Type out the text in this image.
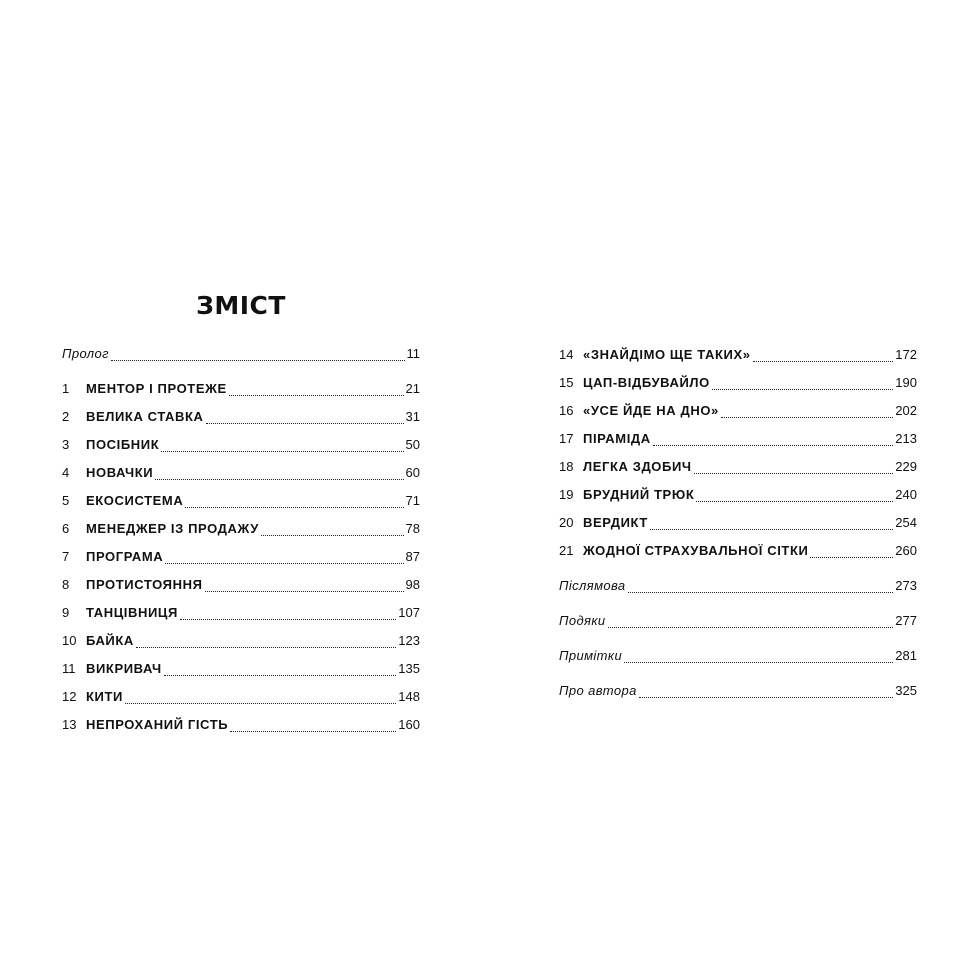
ЗМІСТ
Пролог	11
1	МЕНТОР І ПРОТЕЖЕ	21
2	ВЕЛИКА СТАВКА	31
3	ПОСІБНИК	50
4	НОВАЧКИ	60
5	ЕКОСИСТЕМА	71
6	МЕНЕДЖЕР ІЗ ПРОДАЖУ	78
7	ПРОГРАМА	87
8	ПРОТИСТОЯННЯ	98
9	ТАНЦІВНИЦЯ	107
10 БАЙКА	123
11 ВИКРИВАЧ	135
12 КИТИ	148
13 НЕПРОХАНИЙ ГІСТЬ	160
14 «ЗНАЙДІМО ЩЕ ТАКИХ»	172
15 ЦАП-ВІДБУВАЙЛО	190
16 «УСЕ ЙДЕ НА ДНО»	202
17 ПІРАМІДА	213
18 ЛЕГКА ЗДОБИЧ	229
19 БРУДНИЙ ТРЮК	240
20 ВЕРДИКТ	254
21 ЖОДНОЇ СТРАХУВАЛЬНОЇ СІТКИ	260
Післямова	273
Подяки	277
Примітки	281
Про автора	325
